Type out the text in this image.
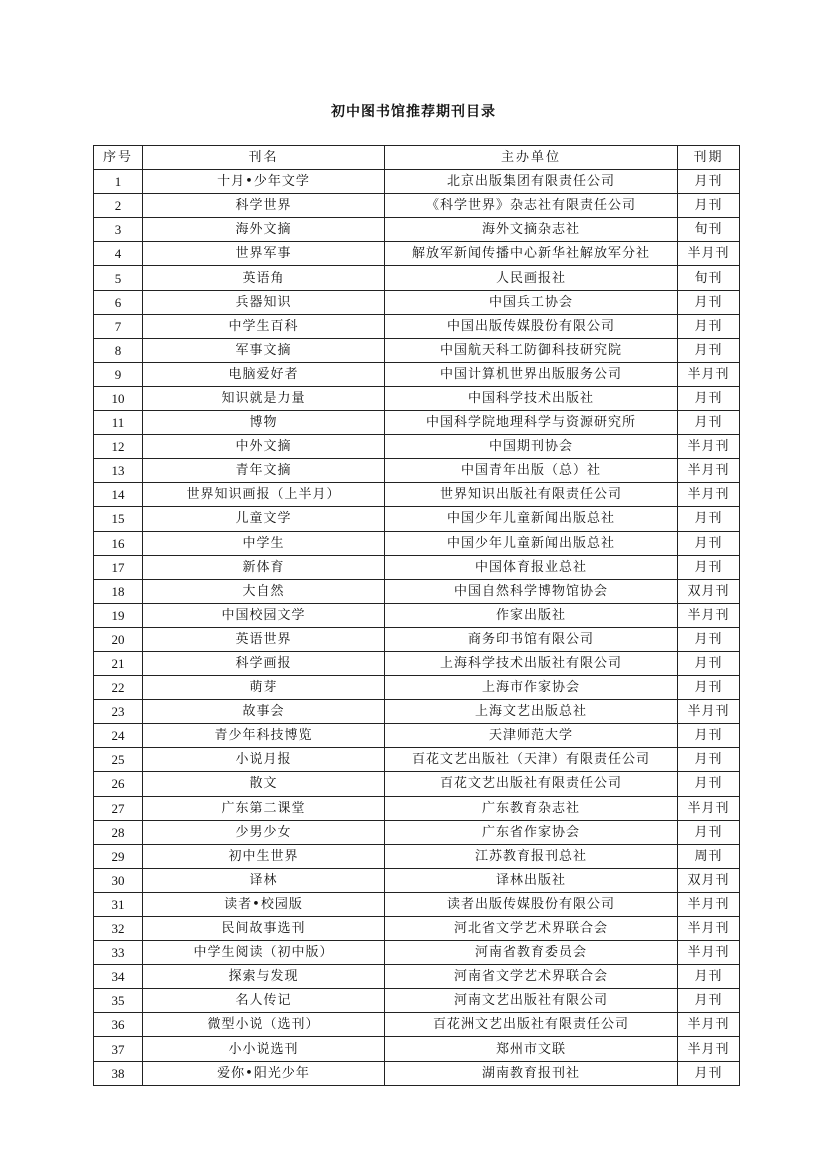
初中图书馆推荐期刊目录
序号	刊名	主办单位	刊期
1	十月•少年文学	北京出版集团有限责任公司	月刊
2	科学世界	《科学世界》杂志社有限责任公司	月刊
3	海外文摘	海外文摘杂志社	旬刊
4	世界军事	解放军新闻传播中心新华社解放军分社	半月刊
5	英语角	人民画报社	旬刊
6	兵器知识	中国兵工协会	月刊
7	中学生百科	中国出版传媒股份有限公司	月刊
8	军事文摘	中国航天科工防御科技研究院	月刊
9	电脑爱好者	中国计算机世界出版服务公司	半月刊
10	知识就是力量	中国科学技术出版社	月刊
11	博物	中国科学院地理科学与资源研究所	月刊
12	中外文摘	中国期刊协会	半月刊
13	青年文摘	中国青年出版（总）社	半月刊
14	世界知识画报（上半月）	世界知识出版社有限责任公司	半月刊
15	儿童文学	中国少年儿童新闻出版总社	月刊
16	中学生	中国少年儿童新闻出版总社	月刊
17	新体育	中国体育报业总社	月刊
18	大自然	中国自然科学博物馆协会	双月刊
19	中国校园文学	作家出版社	半月刊
20	英语世界	商务印书馆有限公司	月刊
21	科学画报	上海科学技术出版社有限公司	月刊
22	萌芽	上海市作家协会	月刊
23	故事会	上海文艺出版总社	半月刊
24	青少年科技博览	天津师范大学	月刊
25	小说月报	百花文艺出版社（天津）有限责任公司	月刊
26	散文	百花文艺出版社有限责任公司	月刊
27	广东第二课堂	广东教育杂志社	半月刊
28	少男少女	广东省作家协会	月刊
29	初中生世界	江苏教育报刊总社	周刊
30	译林	译林出版社	双月刊
31	读者•校园版	读者出版传媒股份有限公司	半月刊
32	民间故事选刊	河北省文学艺术界联合会	半月刊
33	中学生阅读（初中版）	河南省教育委员会	半月刊
34	探索与发现	河南省文学艺术界联合会	月刊
35	名人传记	河南文艺出版社有限公司	月刊
36	微型小说（选刊）	百花洲文艺出版社有限责任公司	半月刊
37	小小说选刊	郑州市文联	半月刊
38	爱你•阳光少年	湖南教育报刊社	月刊
